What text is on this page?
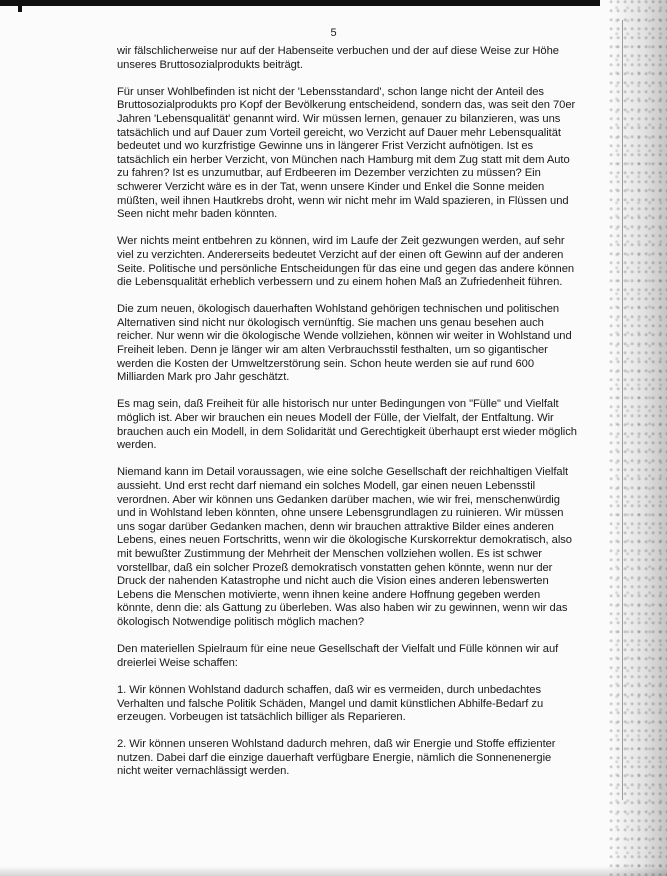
5

wir fälschlicherweise nur auf der Habenseite verbuchen und der auf diese Weise zur Höhe unseres Bruttosozialprodukts beiträgt.

Für unser Wohlbefinden ist nicht der 'Lebensstandard', schon lange nicht der Anteil des Bruttosozialprodukts pro Kopf der Bevölkerung entscheidend, sondern das, was seit den 70er Jahren 'Lebensqualität' genannt wird. Wir müssen lernen, genauer zu bilanzieren, was uns tatsächlich und auf Dauer zum Vorteil gereicht, wo Verzicht auf Dauer mehr Lebensqualität bedeutet und wo kurzfristige Gewinne uns in längerer Frist Verzicht aufnötigen. Ist es tatsächlich ein herber Verzicht, von München nach Hamburg mit dem Zug statt mit dem Auto zu fahren? Ist es unzumutbar, auf Erdbeeren im Dezember verzichten zu müssen? Ein schwerer Verzicht wäre es in der Tat, wenn unsere Kinder und Enkel die Sonne meiden müßten, weil ihnen Hautkrebs droht, wenn wir nicht mehr im Wald spazieren, in Flüssen und Seen nicht mehr baden könnten.

Wer nichts meint entbehren zu können, wird im Laufe der Zeit gezwungen werden, auf sehr viel zu verzichten. Andererseits bedeutet Verzicht auf der einen oft Gewinn auf der anderen Seite. Politische und persönliche Entscheidungen für das eine und gegen das andere können die Lebensqualität erheblich verbessern und zu einem hohen Maß an Zufriedenheit führen.

Die zum neuen, ökologisch dauerhaften Wohlstand gehörigen technischen und politischen Alternativen sind nicht nur ökologisch vernünftig. Sie machen uns genau besehen auch reicher. Nur wenn wir die ökologische Wende vollziehen, können wir weiter in Wohlstand und Freiheit leben. Denn je länger wir am alten Verbrauchsstil festhalten, um so gigantischer werden die Kosten der Umweltzerstörung sein. Schon heute werden sie auf rund 600 Milliarden Mark pro Jahr geschätzt.

Es mag sein, daß Freiheit für alle historisch nur unter Bedingungen von "Fülle" und Vielfalt möglich ist. Aber wir brauchen ein neues Modell der Fülle, der Vielfalt, der Entfaltung. Wir brauchen auch ein Modell, in dem Solidarität und Gerechtigkeit überhaupt erst wieder möglich werden.

Niemand kann im Detail voraussagen, wie eine solche Gesellschaft der reichhaltigen Vielfalt aussieht. Und erst recht darf niemand ein solches Modell, gar einen neuen Lebensstil verordnen. Aber wir können uns Gedanken darüber machen, wie wir frei, menschenwürdig und in Wohlstand leben könnten, ohne unsere Lebensgrundlagen zu ruinieren. Wir müssen uns sogar darüber Gedanken machen, denn wir brauchen attraktive Bilder eines anderen Lebens, eines neuen Fortschritts, wenn wir die ökologische Kurskorrektur demokratisch, also mit bewußter Zustimmung der Mehrheit der Menschen vollziehen wollen. Es ist schwer vorstellbar, daß ein solcher Prozeß demokratisch vonstatten gehen könnte, wenn nur der Druck der nahenden Katastrophe und nicht auch die Vision eines anderen lebenswerten Lebens die Menschen motivierte, wenn ihnen keine andere Hoffnung gegeben werden könnte, denn die: als Gattung zu überleben. Was also haben wir zu gewinnen, wenn wir das ökologisch Notwendige politisch möglich machen?

Den materiellen Spielraum für eine neue Gesellschaft der Vielfalt und Fülle können wir auf dreierlei Weise schaffen:

1. Wir können Wohlstand dadurch schaffen, daß wir es vermeiden, durch unbedachtes Verhalten und falsche Politik Schäden, Mangel und damit künstlichen Abhilfe-Bedarf zu erzeugen. Vorbeugen ist tatsächlich billiger als Reparieren.

2. Wir können unseren Wohlstand dadurch mehren, daß wir Energie und Stoffe effizienter nutzen. Dabei darf die einzige dauerhaft verfügbare Energie, nämlich die Sonnenenergie nicht weiter vernachlässigt werden.
